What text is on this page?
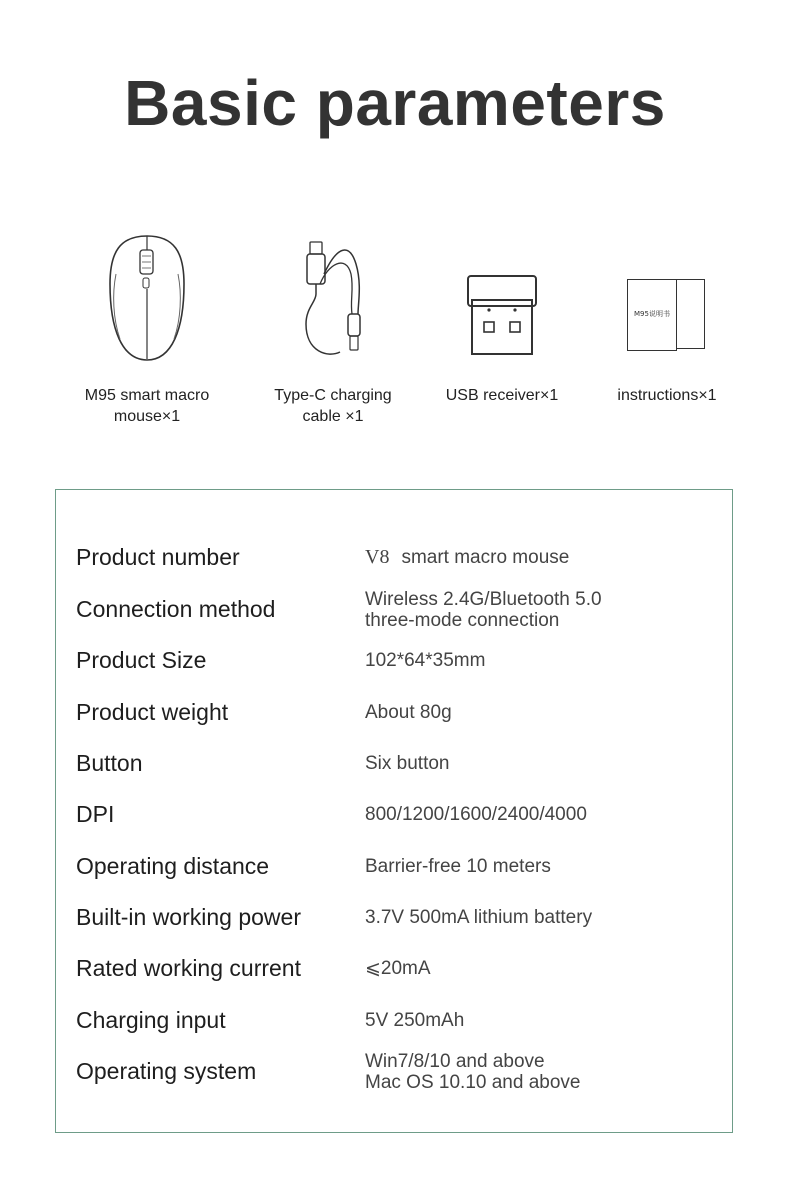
Basic parameters
M95 smart macro
mouse×1
Type-C charging
cable ×1
USB receiver×1
M95说明书
instructions×1
Product number	V8 smart macro mouse
Connection method	Wireless 2.4G/Bluetooth 5.0
three-mode connection
Product Size	102*64*35mm
Product weight	About 80g
Button	Six button
DPI	800/1200/1600/2400/4000
Operating distance	Barrier-free 10 meters
Built-in working power	3.7V 500mA lithium battery
Rated working current	⩽20mA
Charging input	5V 250mAh
Operating system	Win7/8/10 and above
Mac OS 10.10 and above
